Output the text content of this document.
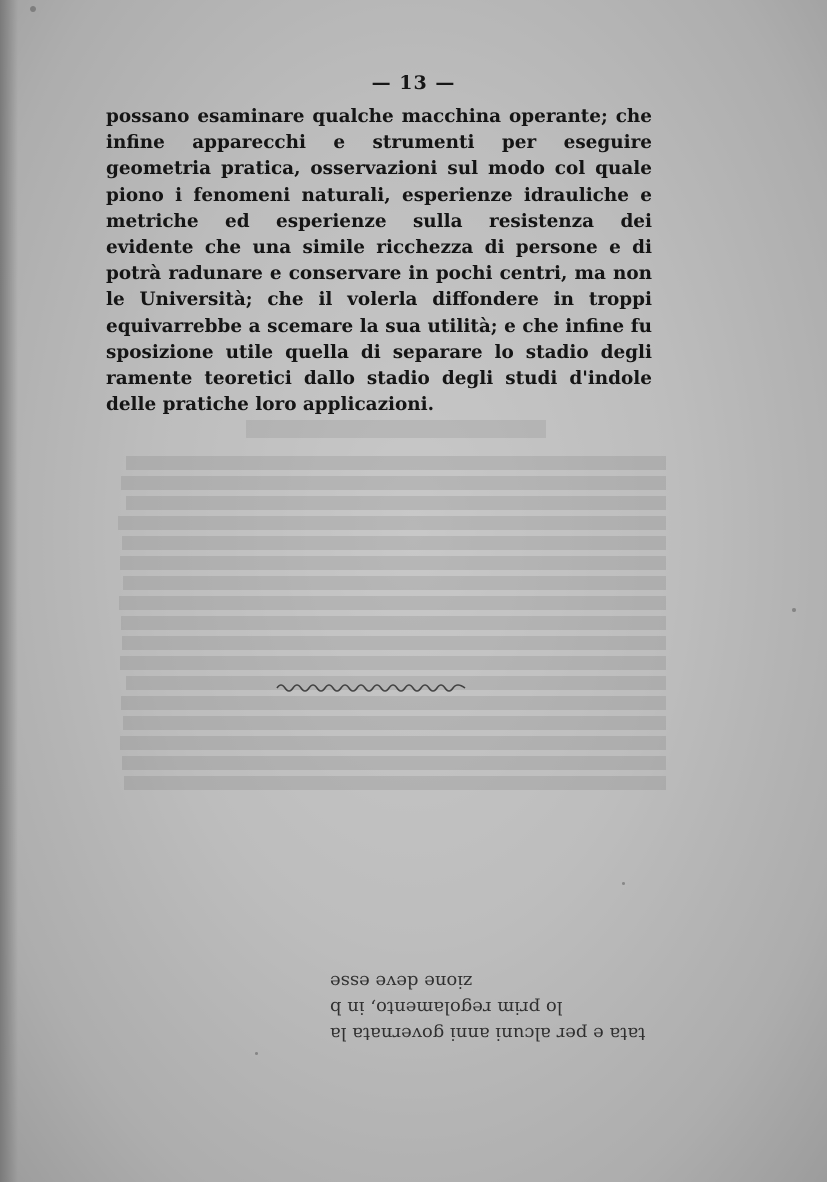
— 13 —
possano esaminare qualche macchina operante; che
infine apparecchi e strumenti per eseguire
geometria pratica, osservazioni sul modo col quale
piono i fenomeni naturali, esperienze idrauliche e
metriche ed esperienze sulla resistenza dei
evidente che una simile ricchezza di persone e di
potrà radunare e conservare in pochi centri, ma non
le Università; che il volerla diffondere in troppi
equivarrebbe a scemare la sua utilità; e che infine fu
sposizione utile quella di separare lo stadio degli
ramente teoretici dallo stadio degli studi d'indole
delle pratiche loro applicazioni.
zione deve esse
lo prim regolamento, in b
tata e per alcuni anni governata la
